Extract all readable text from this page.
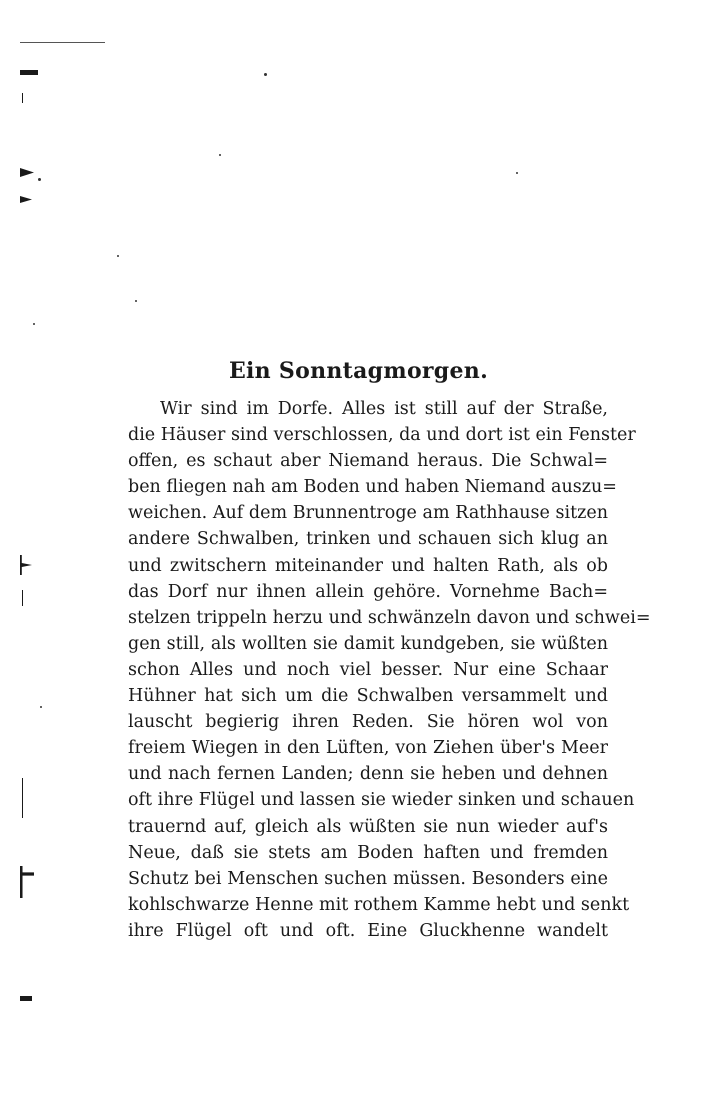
Ein Sonntagmorgen.
Wir sind im Dorfe. Alles ist still auf der Straße,
die Häuser sind verschlossen, da und dort ist ein Fenster
offen, es schaut aber Niemand heraus. Die Schwal=
ben fliegen nah am Boden und haben Niemand auszu=
weichen. Auf dem Brunnentroge am Rathhause sitzen
andere Schwalben, trinken und schauen sich klug an
und zwitschern miteinander und halten Rath, als ob
das Dorf nur ihnen allein gehöre. Vornehme Bach=
stelzen trippeln herzu und schwänzeln davon und schwei=
gen still, als wollten sie damit kundgeben, sie wüßten
schon Alles und noch viel besser. Nur eine Schaar
Hühner hat sich um die Schwalben versammelt und
lauscht begierig ihren Reden. Sie hören wol von
freiem Wiegen in den Lüften, von Ziehen über's Meer
und nach fernen Landen; denn sie heben und dehnen
oft ihre Flügel und lassen sie wieder sinken und schauen
trauernd auf, gleich als wüßten sie nun wieder auf's
Neue, daß sie stets am Boden haften und fremden
Schutz bei Menschen suchen müssen. Besonders eine
kohlschwarze Henne mit rothem Kamme hebt und senkt
ihre Flügel oft und oft. Eine Gluckhenne wandelt
